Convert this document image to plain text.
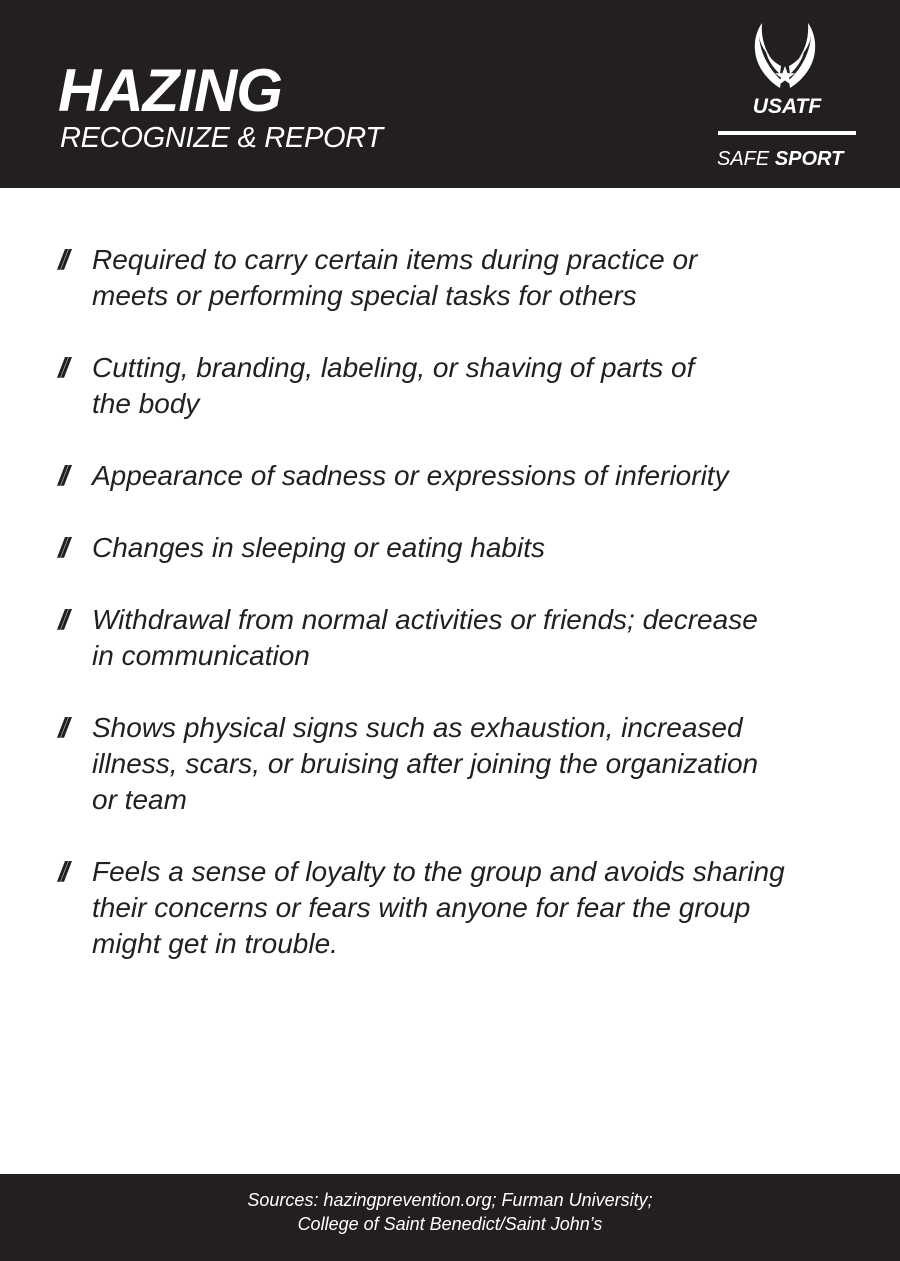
HAZING
RECOGNIZE & REPORT
USATF
SAFE SPORT
// Required to carry certain items during practice or
meets or performing special tasks for others
// Cutting, branding, labeling, or shaving of parts of
the body
// Appearance of sadness or expressions of inferiority
// Changes in sleeping or eating habits
// Withdrawal from normal activities or friends; decrease
in communication
// Shows physical signs such as exhaustion, increased
illness, scars, or bruising after joining the organization
or team
// Feels a sense of loyalty to the group and avoids sharing
their concerns or fears with anyone for fear the group
might get in trouble.
Sources: hazingprevention.org; Furman University;
College of Saint Benedict/Saint John’s
